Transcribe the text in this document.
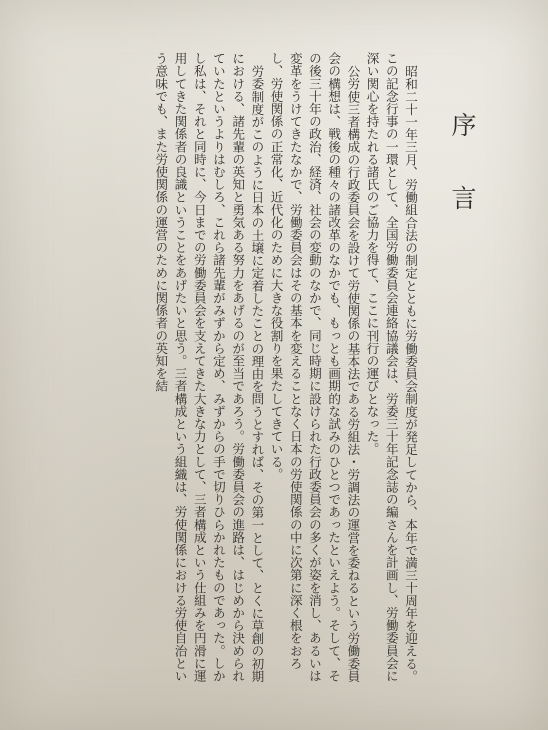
序言

昭和二十一年三月、労働組合法の制定とともに労働委員会制度が発足してから、本年で満三十周年を迎える。この記念行事の一環として、全国労働委員会連絡協議会は、労委三十年記念誌の編さんを計画し、労働委員会に深い関心を持たれる諸氏のご協力を得て、ここに刊行の運びとなった。

公労使三者構成の行政委員会を設けて労使関係の基本法である労組法・労調法の運営を委ねるという労働委員会の構想は、戦後の種々の諸改革のなかでも、もっとも画期的な試みのひとつであったといえよう。そして、その後三十年の政治、経済、社会の変動のなかで、同じ時期に設けられた行政委員会の多くが姿を消し、あるいは変革をうけてきたなかで、労働委員会はその基本を変えることなく日本の労使関係の中に次第に深く根をおろし、労使関係の正常化、近代化のために大きな役割りを果たしてきている。

労委制度がこのように日本の土壌に定着したことの理由を問うとすれば、その第一として、とくに草創の初期における、諸先輩の英知と勇気ある努力をあげるのが至当であろう。労働委員会の進路は、はじめから決められていたというよりはむしろ、これら諸先輩がみずから定め、みずからの手で切りひらかれたものであった。しかし私は、それと同時に、今日までの労働委員会を支えてきた大きな力として、三者構成という仕組みを円滑に運用してきた関係者の良識ということをあげたいと思う。三者構成という組織は、労使関係における労使自治という意味でも、また労使関係の運営のために関係者の英知を結
